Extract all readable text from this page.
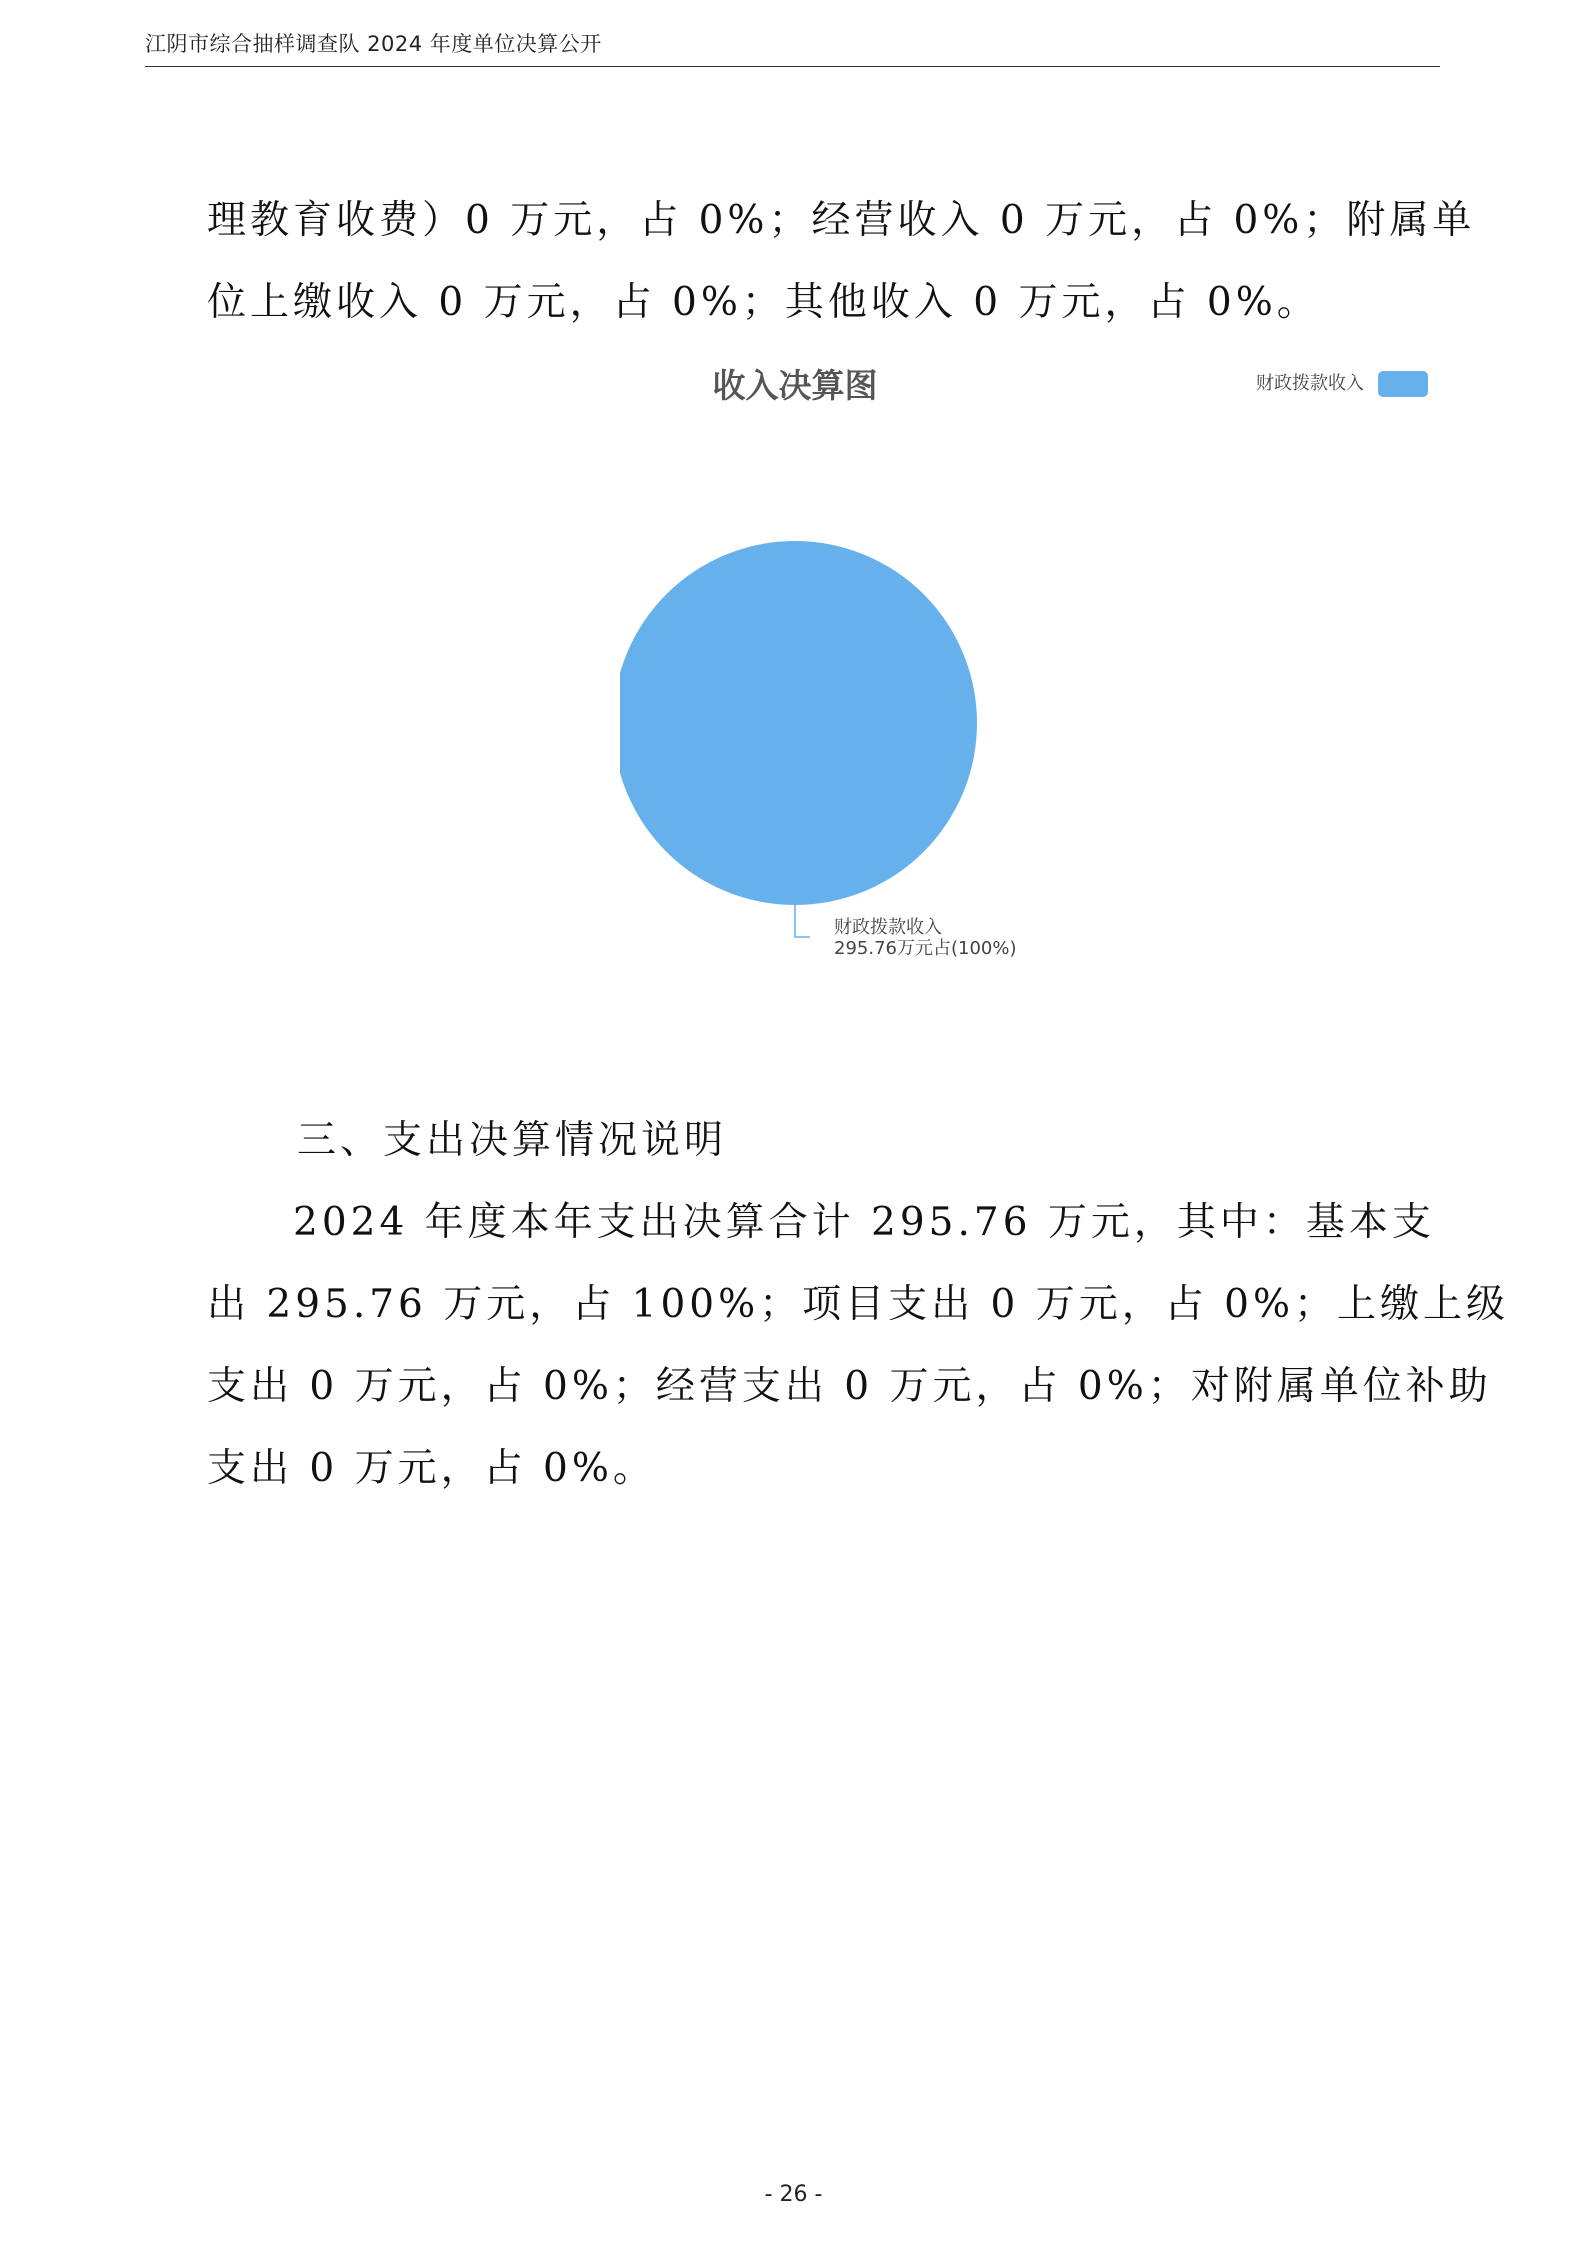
江阴市综合抽样调查队 2024 年度单位决算公开

理教育收费）0 万元，占 0%；经营收入 0 万元，占 0%；附属单
位上缴收入 0 万元，占 0%；其他收入 0 万元，占 0%。

收入决算图	财政拨款收入
财政拨款收入
295.76万元占(100%)

三、支出决算情况说明

2024 年度本年支出决算合计 295.76 万元，其中：基本支
出 295.76 万元，占 100%；项目支出 0 万元，占 0%；上缴上级
支出 0 万元，占 0%；经营支出 0 万元，占 0%；对附属单位补助
支出 0 万元，占 0%。

- 26 -
